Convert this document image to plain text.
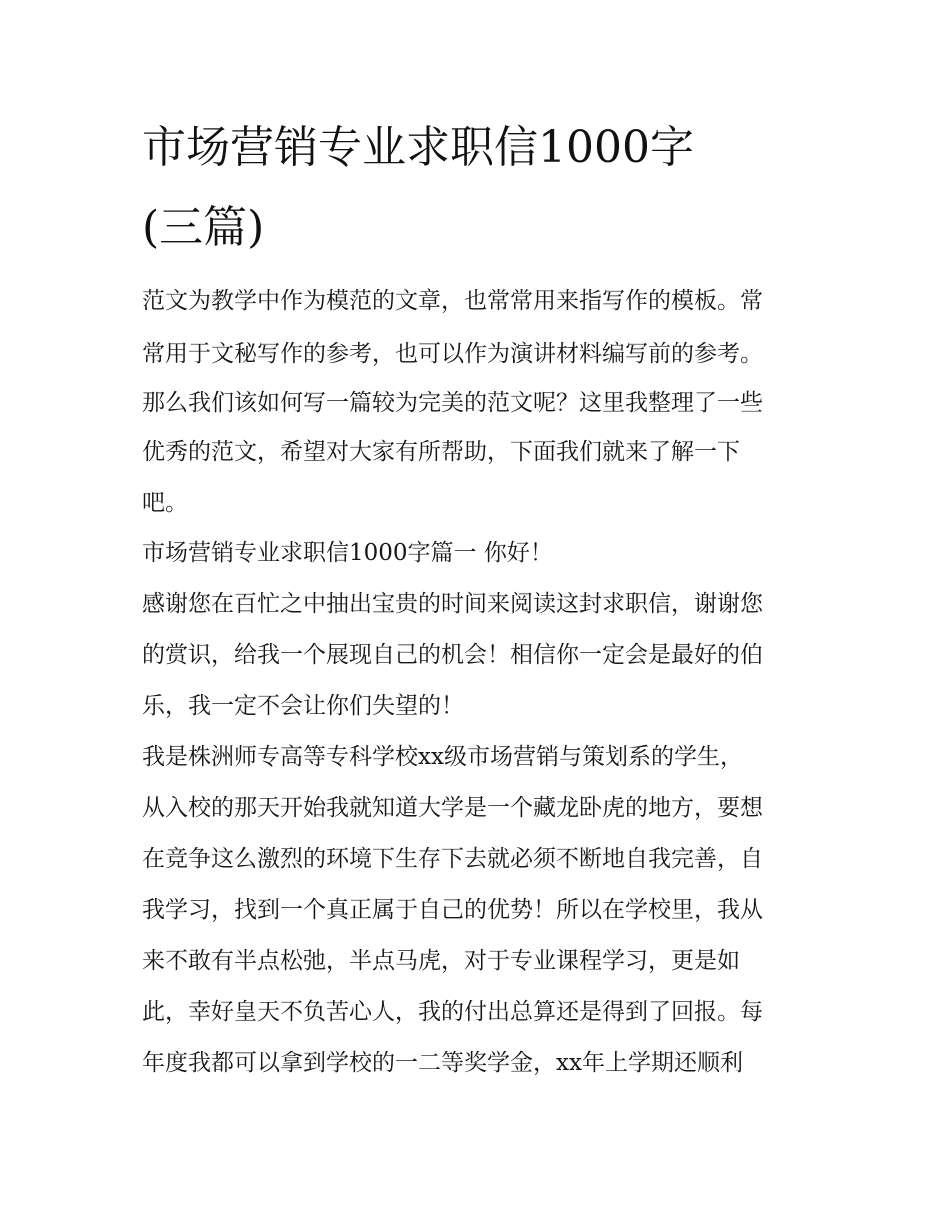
市场营销专业求职信1000字
(三篇)
范文为教学中作为模范的文章，也常常用来指写作的模板。常
常用于文秘写作的参考，也可以作为演讲材料编写前的参考。
那么我们该如何写一篇较为完美的范文呢？这里我整理了一些
优秀的范文，希望对大家有所帮助，下面我们就来了解一下
吧。
市场营销专业求职信1000字篇一 你好！
感谢您在百忙之中抽出宝贵的时间来阅读这封求职信，谢谢您
的赏识，给我一个展现自己的机会！相信你一定会是最好的伯
乐，我一定不会让你们失望的！
我是株洲师专高等专科学校xx级市场营销与策划系的学生，
从入校的那天开始我就知道大学是一个藏龙卧虎的地方，要想
在竞争这么激烈的环境下生存下去就必须不断地自我完善，自
我学习，找到一个真正属于自己的优势！所以在学校里，我从
来不敢有半点松弛，半点马虎，对于专业课程学习，更是如
此，幸好皇天不负苦心人，我的付出总算还是得到了回报。每
年度我都可以拿到学校的一二等奖学金，xx年上学期还顺利
